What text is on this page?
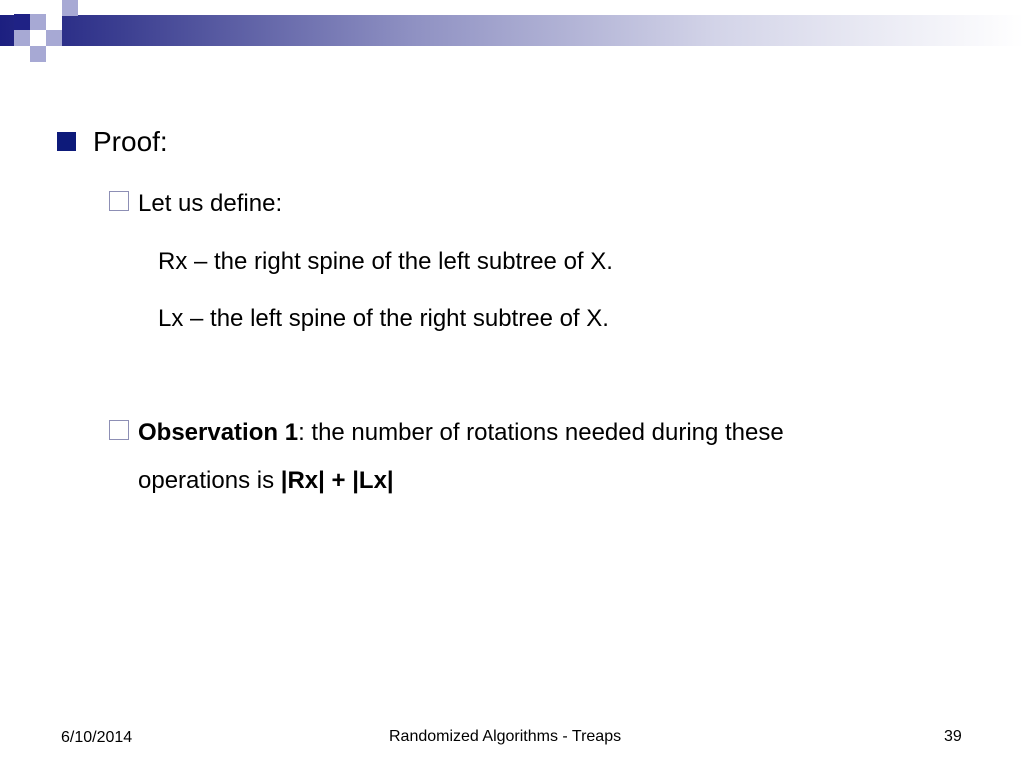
Proof:
Let us define:
Rx – the right spine of the left subtree of X.
Lx – the left spine of the right subtree of X.
Observation 1: the number of rotations needed during these
operations is |Rx| + |Lx|
6/10/2014	Randomized Algorithms - Treaps	39
